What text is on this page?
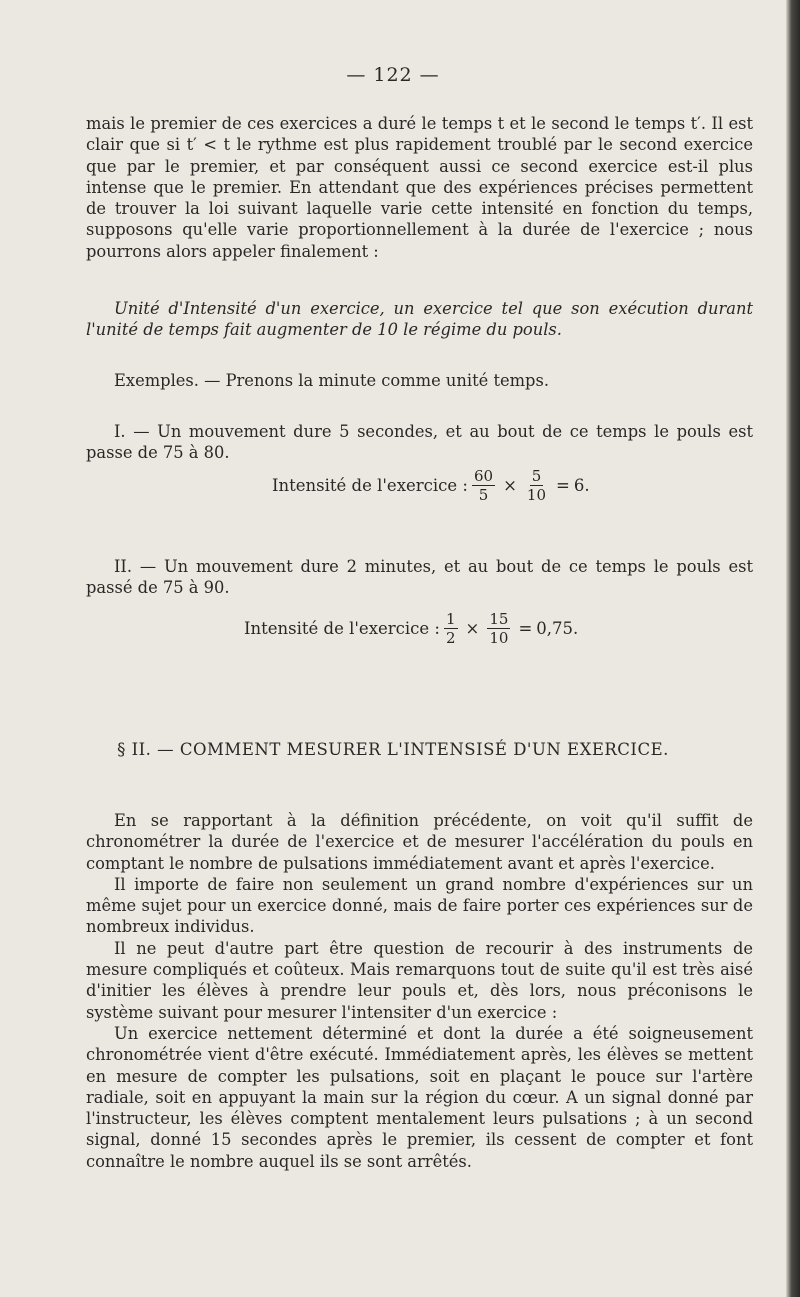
— 122 —

mais le premier de ces exercices a duré le temps t et le second le temps t′. Il est clair que si t′ < t le rythme est plus rapidement troublé par le second exercice que par le premier, et par conséquent aussi ce second exercice est-il plus intense que le premier. En attendant que des expériences précises permettent de trouver la loi suivant laquelle varie cette intensité en fonction du temps, supposons qu'elle varie proportionnellement à la durée de l'exercice ; nous pourrons alors appeler finalement :

Unité d'Intensité d'un exercice, un exercice tel que son exécution durant l'unité de temps fait augmenter de 10 le régime du pouls.

Exemples. — Prenons la minute comme unité temps.

I. — Un mouvement dure 5 secondes, et au bout de ce temps le pouls est passe de 75 à 80.

Intensité de l'exercice : $\frac{60}{5} \times \frac{5}{10} = 6$.

II. — Un mouvement dure 2 minutes, et au bout de ce temps le pouls est passé de 75 à 90.

Intensité de l'exercice : $\frac{1}{2} \times \frac{15}{10} = 0,75$.
§ II. — COMMENT MESURER L'INTENSISÉ D'UN EXERCICE.

En se rapportant à la définition précédente, on voit qu'il suffit de chronométrer la durée de l'exercice et de mesurer l'accélération du pouls en comptant le nombre de pulsations immédiatement avant et après l'exercice.

Il importe de faire non seulement un grand nombre d'expériences sur un même sujet pour un exercice donné, mais de faire porter ces expériences sur de nombreux individus.

Il ne peut d'autre part être question de recourir à des instruments de mesure compliqués et coûteux. Mais remarquons tout de suite qu'il est très aisé d'initier les élèves à prendre leur pouls et, dès lors, nous préconisons le système suivant pour mesurer l'intensiter d'un exercice :

Un exercice nettement déterminé et dont la durée a été soigneusement chronométrée vient d'être exécuté. Immédiatement après, les élèves se mettent en mesure de compter les pulsations, soit en plaçant le pouce sur l'artère radiale, soit en appuyant la main sur la région du cœur. A un signal donné par l'instructeur, les élèves comptent mentalement leurs pulsations ; à un second signal, donné 15 secondes après le premier, ils cessent de compter et font connaître le nombre auquel ils se sont arrêtés.
